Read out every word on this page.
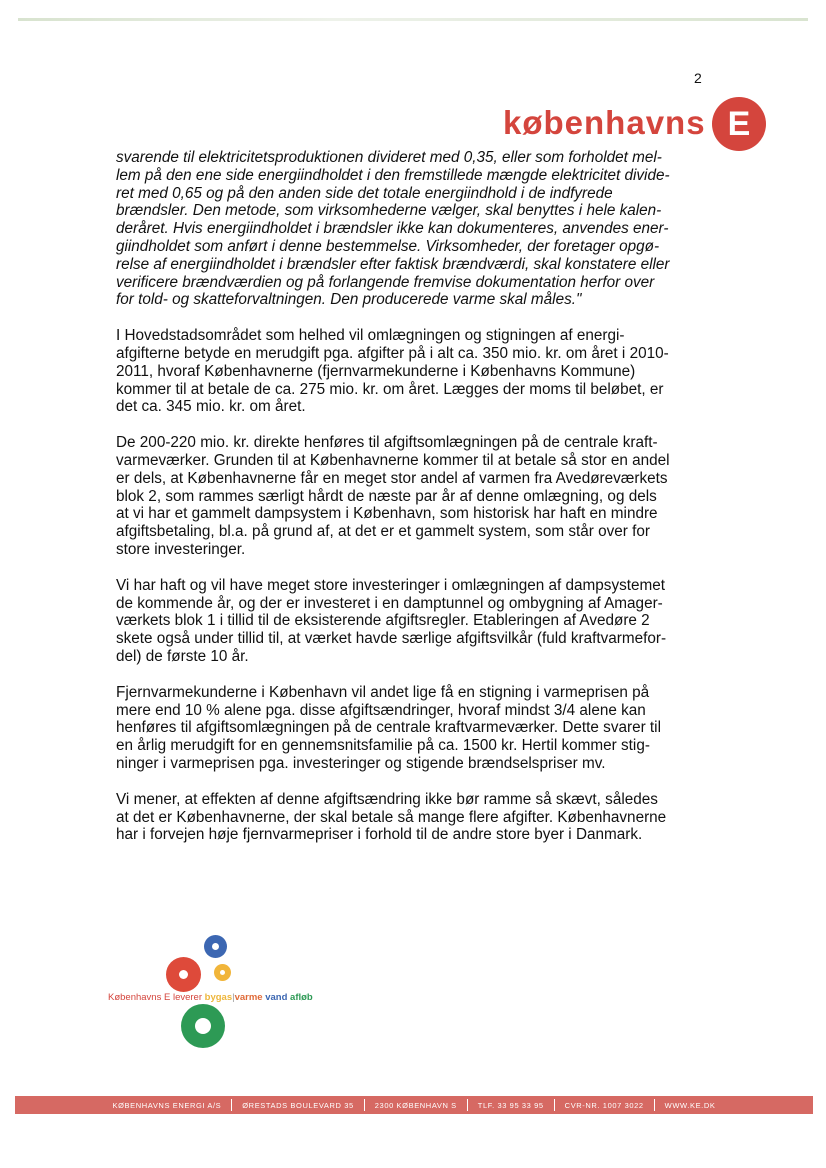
2
københavns E

svarende til elektricitetsproduktionen divideret med 0,35, eller som forholdet mel-
lem på den ene side energiindholdet i den fremstillede mængde elektricitet divide-
ret med 0,65 og på den anden side det totale energiindhold i de indfyrede
brændsler. Den metode, som virksomhederne vælger, skal benyttes i hele kalen-
deråret. Hvis energiindholdet i brændsler ikke kan dokumenteres, anvendes ener-
giindholdet som anført i denne bestemmelse. Virksomheder, der foretager opgø-
relse af energiindholdet i brændsler efter faktisk brændværdi, skal konstatere eller
verificere brændværdien og på forlangende fremvise dokumentation herfor over
for told- og skatteforvaltningen. Den producerede varme skal måles."

I Hovedstadsområdet som helhed vil omlægningen og stigningen af energi-
afgifterne betyde en merudgift pga. afgifter på i alt ca. 350 mio. kr. om året i 2010-
2011, hvoraf Københavnerne (fjernvarmekunderne i Københavns Kommune)
kommer til at betale de ca. 275 mio. kr. om året. Lægges der moms til beløbet, er
det ca. 345 mio. kr. om året.

De 200-220 mio. kr. direkte henføres til afgiftsomlægningen på de centrale kraft-
varmeværker. Grunden til at Københavnerne kommer til at betale så stor en andel
er dels, at Københavnerne får en meget stor andel af varmen fra Avedøreværkets
blok 2, som rammes særligt hårdt de næste par år af denne omlægning, og dels
at vi har et gammelt dampsystem i København, som historisk har haft en mindre
afgiftsbetaling, bl.a. på grund af, at det er et gammelt system, som står over for
store investeringer.

Vi har haft og vil have meget store investeringer i omlægningen af dampsystemet
de kommende år, og der er investeret i en damptunnel og ombygning af Amager-
værkets blok 1 i tillid til de eksisterende afgiftsregler. Etableringen af Avedøre 2
skete også under tillid til, at værket havde særlige afgiftsvilkår (fuld kraftvarmefor-
del) de første 10 år.

Fjernvarmekunderne i København vil andet lige få en stigning i varmeprisen på
mere end 10 % alene pga. disse afgiftsændringer, hvoraf mindst 3/4 alene kan
henføres til afgiftsomlægningen på de centrale kraftvarmeværker. Dette svarer til
en årlig merudgift for en gennemsnitsfamilie på ca. 1500 kr. Hertil kommer stig-
ninger i varmeprisen pga. investeringer og stigende brændselspriser mv.

Vi mener, at effekten af denne afgiftsændring ikke bør ramme så skævt, således
at det er Københavnerne, der skal betale så mange flere afgifter. Københavnerne
har i forvejen høje fjernvarmepriser i forhold til de andre store byer i Danmark.

Københavns E leverer bygas|varme vand afløb
KØBENHAVNS ENERGI A/S	ØRESTADS BOULEVARD 35	2300 KØBENHAVN S	TLF. 33 95 33 95	CVR-NR. 1007 3022	WWW.KE.DK
